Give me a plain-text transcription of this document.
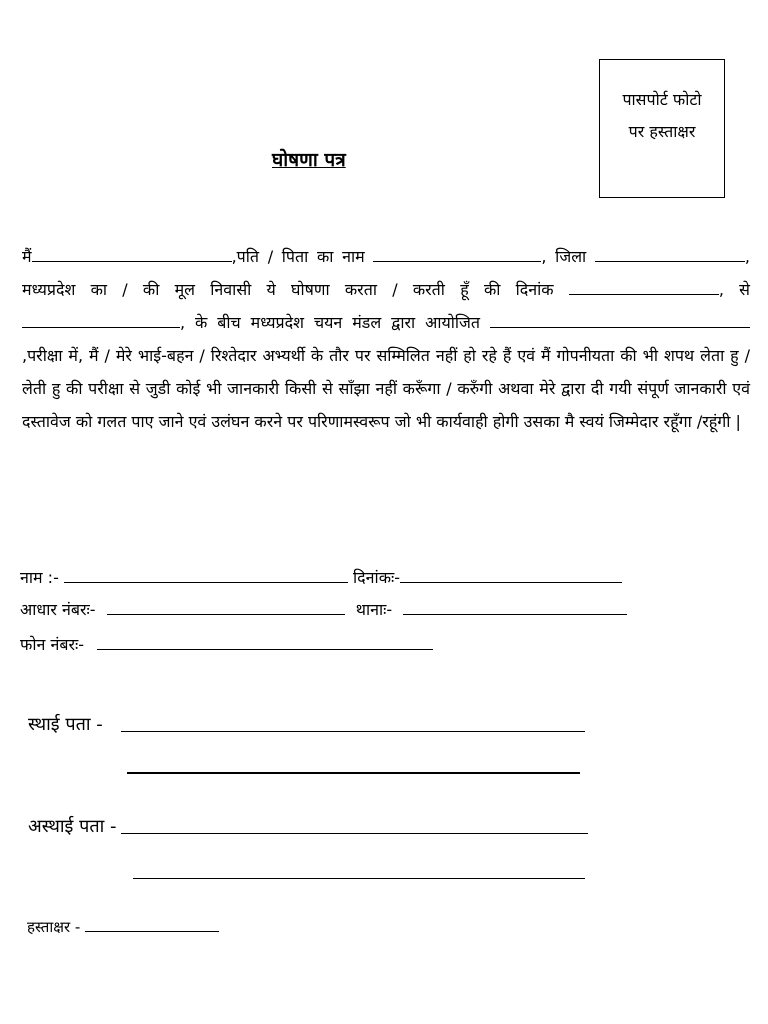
पासपोर्ट फोटो
पर हस्ताक्षर
घोषणा पत्र

मैं	,पति / पिता का नाम	, जिला	, मध्यप्रदेश का / की मूल निवासी ये घोषणा करता / करती हूँ की दिनांक	, से , के बीच मध्यप्रदेश चयन मंडल द्वारा आयोजित ,परीक्षा में, मैं / मेरे भाई-बहन / रिश्तेदार अभ्यर्थी के तौर पर सम्मिलित नहीं हो रहे हैं एवं मैं गोपनीयता की भी शपथ लेता हु / लेती हु की परीक्षा से जुडी कोई भी जानकारी किसी से साँझा नहीं करूँगा / करुँगी अथवा मेरे द्वारा दी गयी संपूर्ण जानकारी एवं दस्तावेज को गलत पाए जाने एवं उलंघन करने पर परिणामस्वरूप जो भी कार्यवाही होगी उसका मै स्वयं जिम्मेदार रहूँगा /रहूंगी |

नाम :-	दिनांकः-
आधार नंबरः-	थानाः-
फोन नंबरः-
स्थाई पता -
अस्थाई पता -
हस्ताक्षर -
